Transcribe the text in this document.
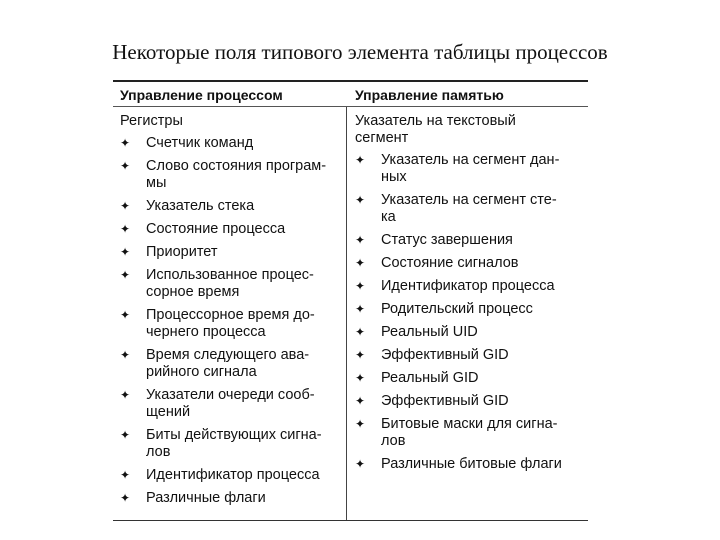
Некоторые поля типового элемента таблицы процессов
Управление процессом	Управление памятью
Регистры
✦ Счетчик команд
✦ Слово состояния програм-
мы
✦ Указатель стека
✦ Состояние процесса
✦ Приоритет
✦ Использованное процес-
сорное время
✦ Процессорное время до-
чернего процесса
✦ Время следующего ава-
рийного сигнала
✦ Указатели очереди сооб-
щений
✦ Биты действующих сигна-
лов
✦ Идентификатор процесса
✦ Различные флаги
Указатель на текстовый
сегмент
✦ Указатель на сегмент дан-
ных
✦ Указатель на сегмент сте-
ка
✦ Статус завершения
✦ Состояние сигналов
✦ Идентификатор процесса
✦ Родительский процесс
✦ Реальный UID
✦ Эффективный GID
✦ Реальный GID
✦ Эффективный GID
✦ Битовые маски для сигна-
лов
✦ Различные битовые флаги
